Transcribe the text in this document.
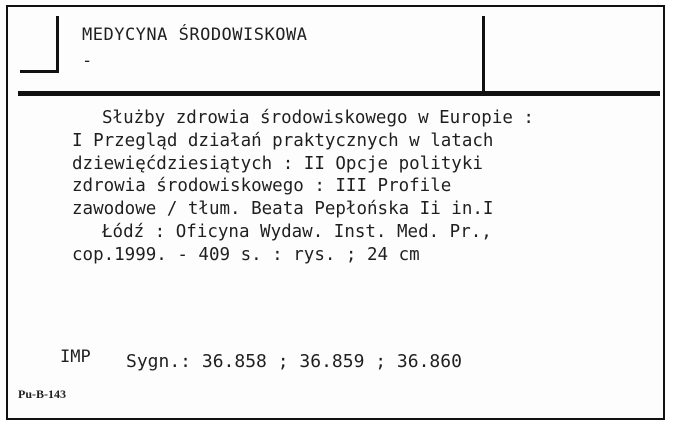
MEDYCYNA ŚRODOWISKOWA
-
Służby zdrowia środowiskowego w Europie :
I Przegląd działań praktycznych w latach
dziewięćdziesiątych : II Opcje polityki
zdrowia środowiskowego : III Profile
zawodowe / tłum. Beata Pepłońska Ii in.I
Łódź : Oficyna Wydaw. Inst. Med. Pr.,
cop.1999. - 409 s. : rys. ; 24 cm
IMP Sygn.: 36.858 ; 36.859 ; 36.860
Pu-B-143
